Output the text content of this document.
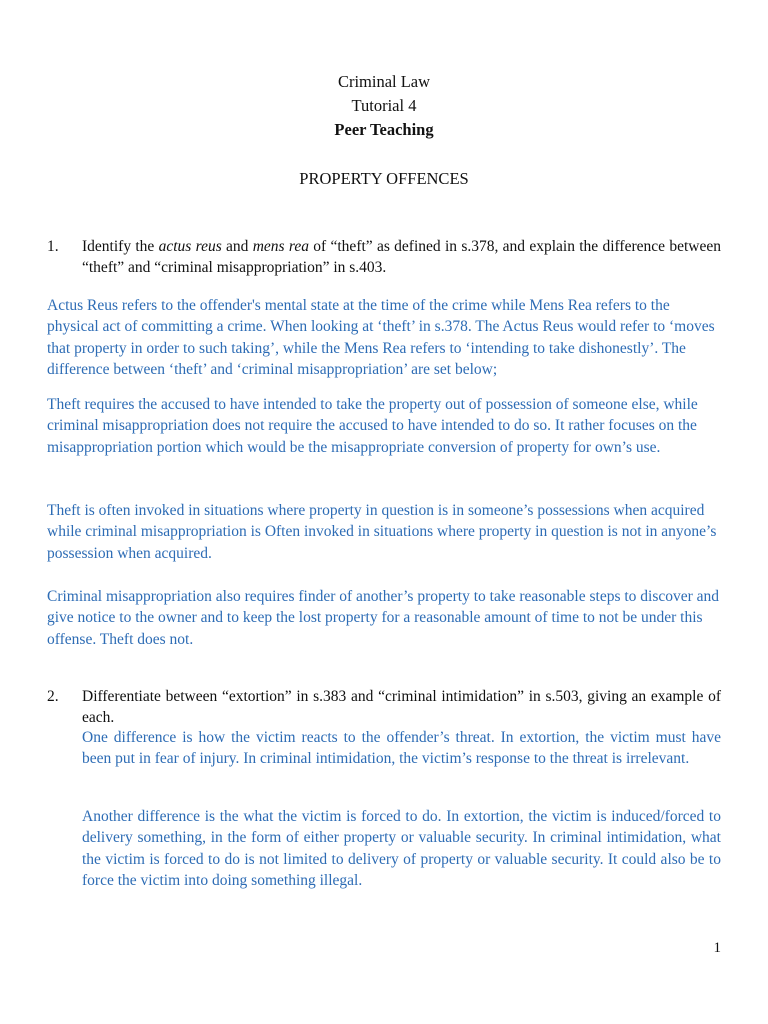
Criminal Law
Tutorial 4
Peer Teaching
PROPERTY OFFENCES
1. Identify the actus reus and mens rea of “theft” as defined in s.378, and explain the difference between “theft” and “criminal misappropriation” in s.403.
Actus Reus refers to the offender's mental state at the time of the crime while Mens Rea refers to the physical act of committing a crime. When looking at ‘theft’ in s.378. The Actus Reus would refer to ‘moves that property in order to such taking’, while the Mens Rea refers to ‘intending to take dishonestly’. The difference between ‘theft’ and ‘criminal misappropriation’ are set below;
Theft requires the accused to have intended to take the property out of possession of someone else, while criminal misappropriation does not require the accused to have intended to do so. It rather focuses on the misappropriation portion which would be the misappropriate conversion of property for own’s use.
Theft is often invoked in situations where property in question is in someone’s possessions when acquired while criminal misappropriation is Often invoked in situations where property in question is not in anyone’s possession when acquired.
Criminal misappropriation also requires finder of another’s property to take reasonable steps to discover and give notice to the owner and to keep the lost property for a reasonable amount of time to not be under this offense. Theft does not.
2. Differentiate between “extortion” in s.383 and “criminal intimidation” in s.503, giving an example of each.
One difference is how the victim reacts to the offender’s threat. In extortion, the victim must have been put in fear of injury. In criminal intimidation, the victim’s response to the threat is irrelevant.
Another difference is the what the victim is forced to do. In extortion, the victim is induced/forced to delivery something, in the form of either property or valuable security. In criminal intimidation, what the victim is forced to do is not limited to delivery of property or valuable security. It could also be to force the victim into doing something illegal.
1
